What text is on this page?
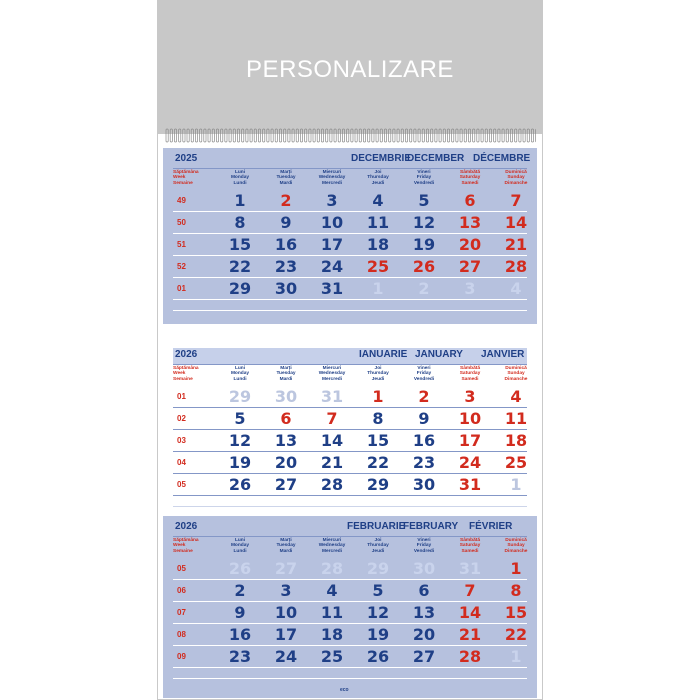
PERSONALIZARE
2025	DECEMBRIE
DECEMBER DÉCEMBRE
Săptămâna
Week
Semaine
Luni
Monday
Lundi
Marți
Tuesday
Mardi
Miercuri
Wednesday
Mercredi
Joi
Thursday
Jeudi
Vineri
Friday
Vendredi
Sâmbătă
Saturday
Samedi
Duminică
Sunday
Dimanche
49	1	2	3	4	5	6	7
50	8	9	10	11	12	13	14
51	15	16	17	18	19	20	21
52	22	23	24	25	26	27	28
01	29	30	31	1	2	3	4
2026	IANUARIE JANUARY JANVIER
Săptămâna
Week
Semaine
Luni
Monday
Lundi
Marți
Tuesday
Mardi
Miercuri
Wednesday
Mercredi
Joi
Thursday
Jeudi
Vineri
Friday
Vendredi
Sâmbătă
Saturday
Samedi
Duminică
Sunday
Dimanche
01	29	30	31	1	2	3	4
02	5	6	7	8	9	10	11
03	12	13	14	15	16	17	18
04	19	20	21	22	23	24	25
05	26	27	28	29	30	31	1
2026	FEBRUARIE
FEBRUARY FÉVRIER
Săptămâna
Week
Semaine
Luni
Monday
Lundi
Marți
Tuesday
Mardi
Miercuri
Wednesday
Mercredi
Joi
Thursday
Jeudi
Vineri
Friday
Vendredi
Sâmbătă
Saturday
Samedi
Duminică
Sunday
Dimanche
05	26	27	28	29	30	31	1
06	2	3	4	5	6	7	8
07	9	10	11	12	13	14	15
08	16	17	18	19	20	21	22
09	23	24	25	26	27	28	1
eco
